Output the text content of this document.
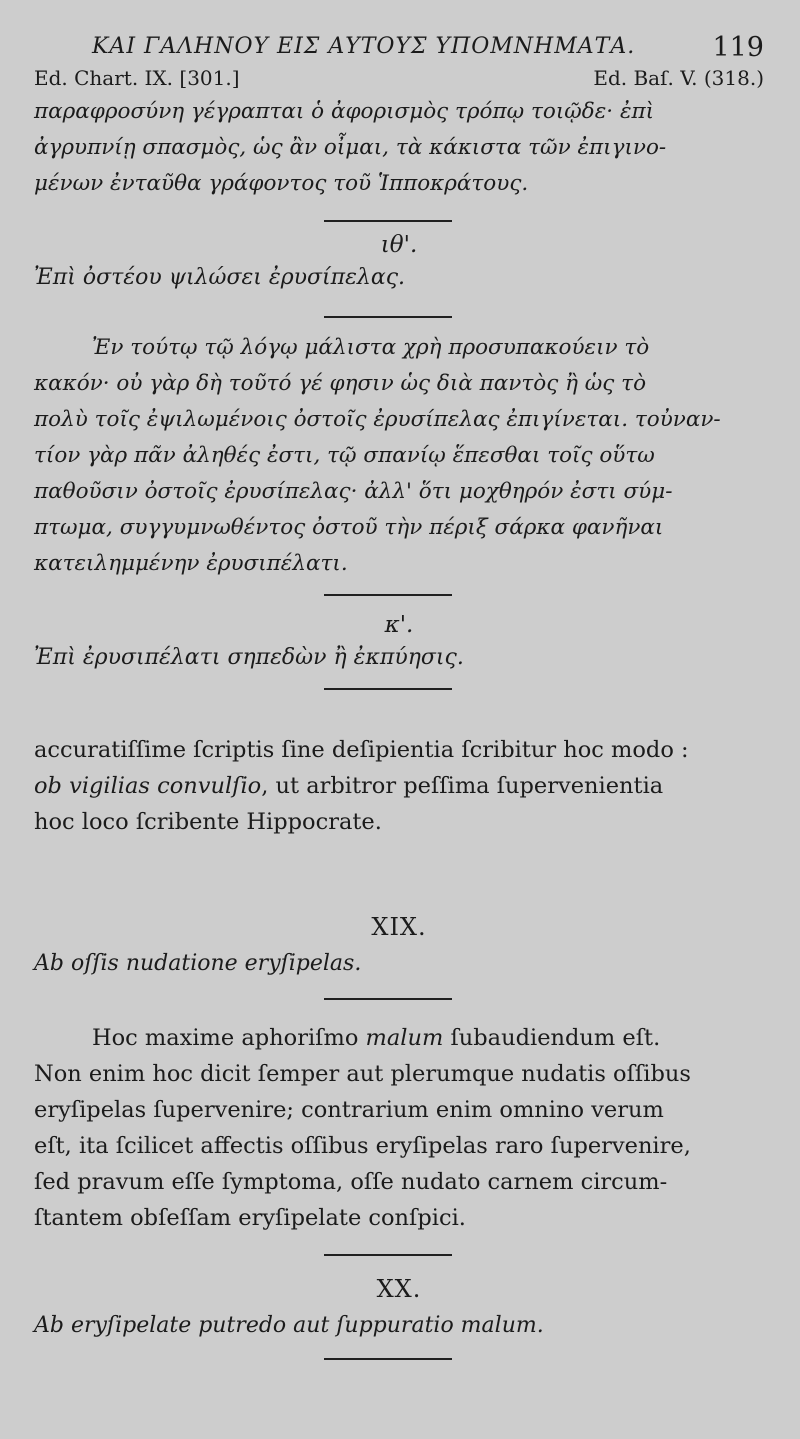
ΚΑΙ ΓΑΛΗΝΟΥ ΕΙΣ ΑΥΤΟΥΣ ΥΠΟΜΝΗΜΑΤΑ.	119
Ed. Chart. IX. [301.]	Ed. Baſ. V. (318.)

παραφροσύνη γέγραπται ὁ ἀφορισμὸς τρόπῳ τοιῷδε· ἐπὶ

ἀγρυπνίῃ σπασμὸς, ὡς ἂν οἶμαι, τὰ κάκιστα τῶν ἐπιγινο-

μένων ἐνταῦθα γράφοντος τοῦ Ἱπποκράτους.

ιθ'.
Ἐπὶ ὀστέου ψιλώσει ἐρυσίπελας.

Ἐν τούτῳ τῷ λόγῳ μάλιστα χρὴ προσυπακούειν τὸ

κακόν· οὐ γὰρ δὴ τοῦτό γέ φησιν ὡς διὰ παντὸς ἢ ὡς τὸ

πολὺ τοῖς ἐψιλωμένοις ὀστοῖς ἐρυσίπελας ἐπιγίνεται. τοὐναν-

τίον γὰρ πᾶν ἀληθές ἐστι, τῷ σπανίῳ ἕπεσθαι τοῖς οὕτω

παθοῦσιν ὀστοῖς ἐρυσίπελας· ἀλλ' ὅτι μοχθηρόν ἐστι σύμ-

πτωμα, συγγυμνωθέντος ὀστοῦ τὴν πέριξ σάρκα φανῆναι

κατειλημμένην ἐρυσιπέλατι.

κ'.
Ἐπὶ ἐρυσιπέλατι σηπεδὼν ἢ ἐκπύησις.

accuratiſſime ſcriptis ſine deſipientia ſcribitur hoc modo :

ob vigilias convulſio, ut arbitror peſſima ſupervenientia

hoc loco ſcribente Hippocrate.

XIX.
Ab oſſis nudatione eryſipelas.

Hoc maxime aphoriſmo malum ſubaudiendum eſt.

Non enim hoc dicit ſemper aut plerumque nudatis oſſibus

eryſipelas ſupervenire; contrarium enim omnino verum

eſt, ita ſcilicet affectis oſſibus eryſipelas raro ſupervenire,

ſed pravum eſſe ſymptoma, oſſe nudato carnem circum-

ſtantem obſeſſam eryſipelate conſpici.

XX.
Ab eryſipelate putredo aut ſuppuratio malum.
